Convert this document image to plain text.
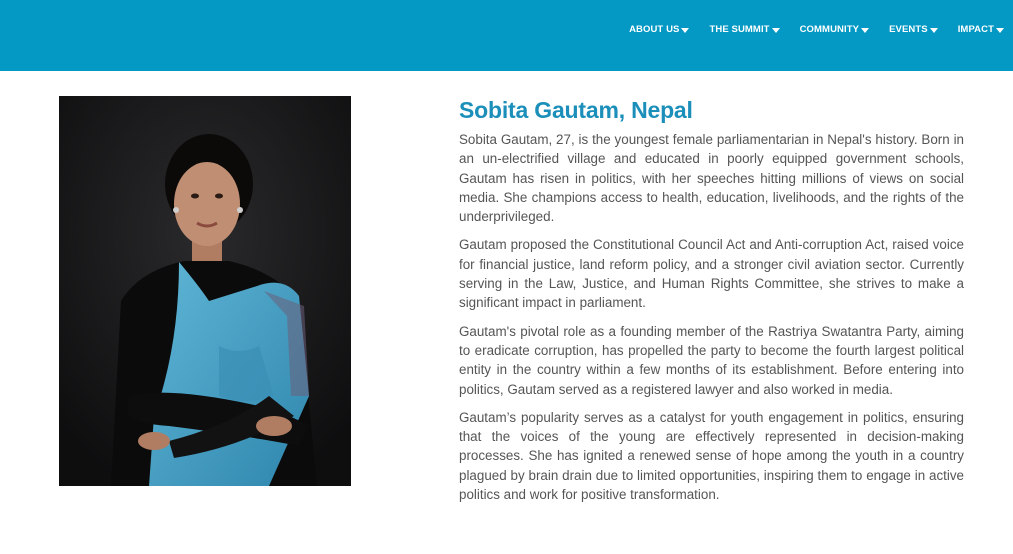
ABOUT US	THE SUMMIT	COMMUNITY	EVENTS	IMPACT
Sobita Gautam, Nepal

Sobita Gautam, 27, is the youngest female parliamentarian in Nepal's history. Born in an un-electrified village and educated in poorly equipped government schools, Gautam has risen in politics, with her speeches hitting millions of views on social media. She champions access to health, education, livelihoods, and the rights of the underprivileged.

Gautam proposed the Constitutional Council Act and Anti-corruption Act, raised voice for financial justice, land reform policy, and a stronger civil aviation sector. Currently serving in the Law, Justice, and Human Rights Committee, she strives to make a significant impact in parliament.

Gautam's pivotal role as a founding member of the Rastriya Swatantra Party, aiming to eradicate corruption, has propelled the party to become the fourth largest political entity in the country within a few months of its establishment. Before entering into politics, Gautam served as a registered lawyer and also worked in media.

Gautam’s popularity serves as a catalyst for youth engagement in politics, ensuring that the voices of the young are effectively represented in decision-making processes. She has ignited a renewed sense of hope among the youth in a country plagued by brain drain due to limited opportunities, inspiring them to engage in active politics and work for positive transformation.
